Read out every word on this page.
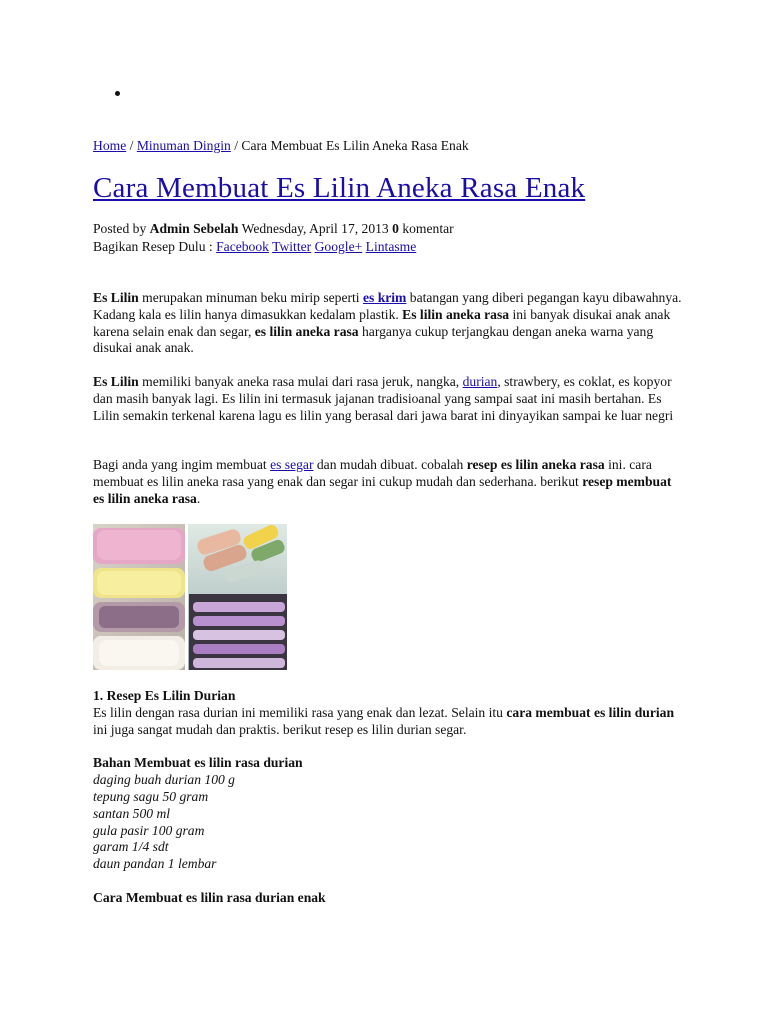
Home / Minuman Dingin / Cara Membuat Es Lilin Aneka Rasa Enak
Cara Membuat Es Lilin Aneka Rasa Enak
Posted by Admin Sebelah Wednesday, April 17, 2013 0 komentar
Bagikan Resep Dulu : Facebook Twitter Google+ Lintasme
Es Lilin merupakan minuman beku mirip seperti es krim batangan yang diberi pegangan kayu dibawahnya. Kadang kala es lilin hanya dimasukkan kedalam plastik. Es lilin aneka rasa ini banyak disukai anak anak karena selain enak dan segar, es lilin aneka rasa harganya cukup terjangkau dengan aneka warna yang disukai anak anak.
Es Lilin memiliki banyak aneka rasa mulai dari rasa jeruk, nangka, durian, strawbery, es coklat, es kopyor dan masih banyak lagi. Es lilin ini termasuk jajanan tradisioanal yang sampai saat ini masih bertahan. Es Lilin semakin terkenal karena lagu es lilin yang berasal dari jawa barat ini dinyayikan sampai ke luar negri
Bagi anda yang ingim membuat es segar dan mudah dibuat. cobalah resep es lilin aneka rasa ini. cara membuat es lilin aneka rasa yang enak dan segar ini cukup mudah dan sederhana. berikut resep membuat es lilin aneka rasa.
1. Resep Es Lilin Durian
Es lilin dengan rasa durian ini memiliki rasa yang enak dan lezat. Selain itu cara membuat es lilin durian ini juga sangat mudah dan praktis. berikut resep es lilin durian segar.
Bahan Membuat es lilin rasa durian
daging buah durian 100 g
tepung sagu 50 gram
santan 500 ml
gula pasir 100 gram
garam 1/4 sdt
daun pandan 1 lembar
Cara Membuat es lilin rasa durian enak
